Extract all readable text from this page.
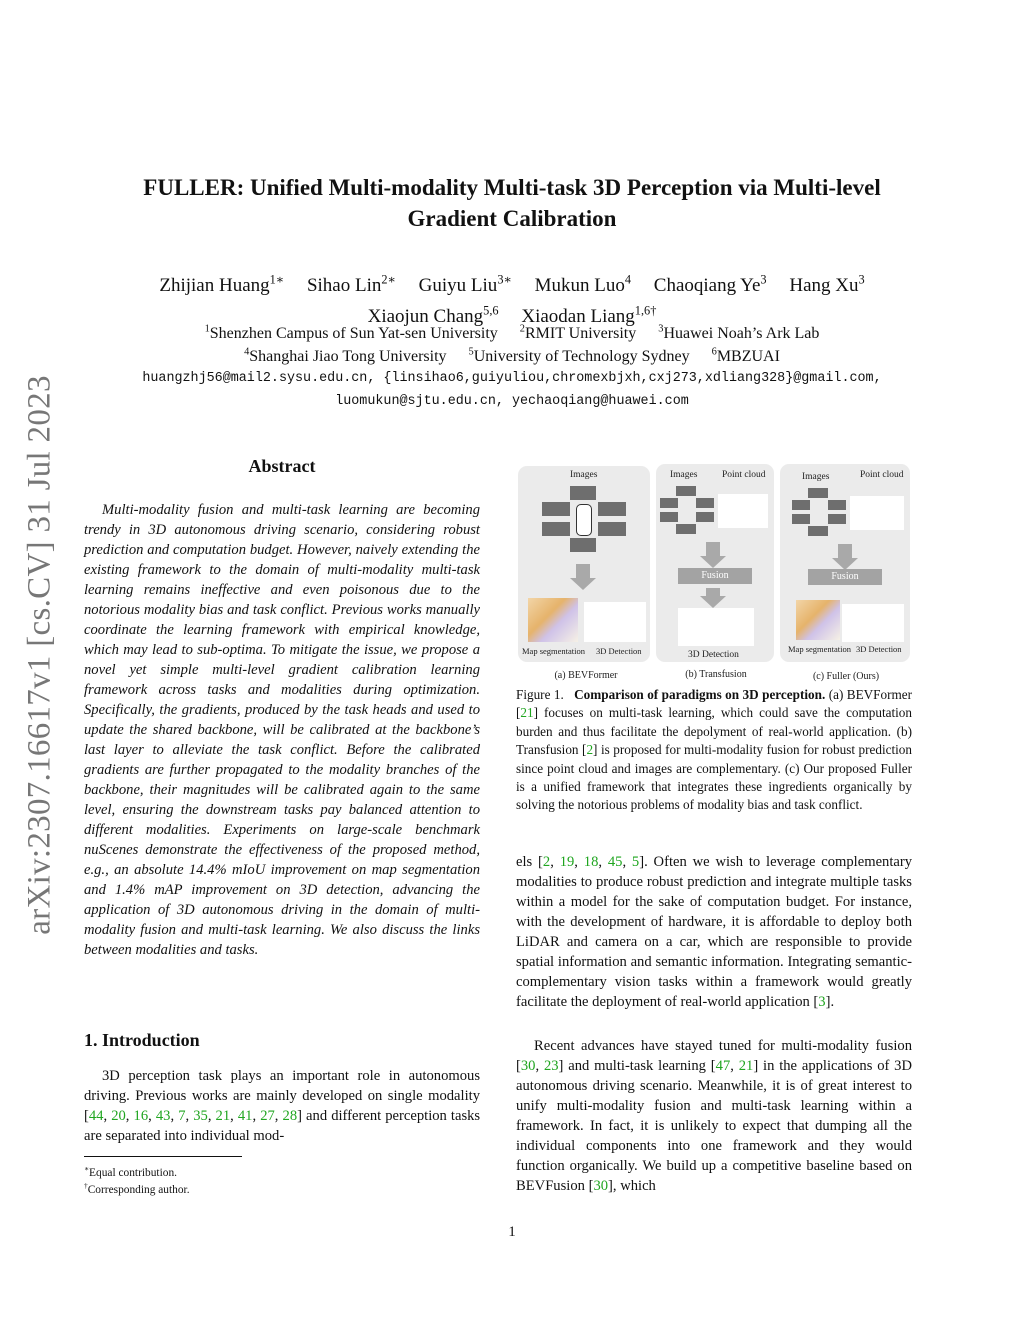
arXiv:2307.16617v1 [cs.CV] 31 Jul 2023
FULLER: Unified Multi-modality Multi-task 3D Perception via Multi-level
Gradient Calibration
Zhijian Huang$^{1∗}$ Sihao Lin$^{2∗}$ Guiyu Liu$^{3∗}$ Mukun Luo$^4$ Chaoqiang Ye$^3$ Hang Xu$^3$
Xiaojun Chang$^{5,6}$ Xiaodan Liang$^{1,6\dagger}$
$^1$Shenzhen Campus of Sun Yat-sen University $^2$RMIT University $^3$Huawei Noah’s Ark Lab
$^4$Shanghai Jiao Tong University $^5$University of Technology Sydney $^6$MBZUAI
huangzhj56@mail2.sysu.edu.cn, {linsihao6,guiyuliou,chromexbjxh,cxj273,xdliang328}@gmail.com,
luomukun@sjtu.edu.cn, yechaoqiang@huawei.com
Abstract

Multi-modality fusion and multi-task learning are becoming trendy in 3D autonomous driving scenario, considering robust prediction and computation budget. However, naively extending the existing framework to the domain of multi-modality multi-task learning remains ineffective and even poisonous due to the notorious modality bias and task conflict. Previous works manually coordinate the learning framework with empirical knowledge, which may lead to sub-optima. To mitigate the issue, we propose a novel yet simple multi-level gradient calibration learning framework across tasks and modalities during optimization. Specifically, the gradients, produced by the task heads and used to update the shared backbone, will be calibrated at the backbone’s last layer to alleviate the task conflict. Before the calibrated gradients are further propagated to the modality branches of the backbone, their magnitudes will be calibrated again to the same level, ensuring the downstream tasks pay balanced attention to different modalities. Experiments on large-scale benchmark nuScenes demonstrate the effectiveness of the proposed method, e.g., an absolute 14.4% mIoU improvement on map segmentation and 1.4% mAP improvement on 3D detection, advancing the application of 3D autonomous driving in the domain of multi-modality fusion and multi-task learning. We also discuss the links between modalities and tasks.

1. Introduction

3D perception task plays an important role in autonomous driving. Previous works are mainly developed on single modality [44, 20, 16, 43, 7, 35, 21, 41, 27, 28] and different perception tasks are separated into individual mod-

∗Equal contribution.
†Corresponding author.
Images
Map segmentation 3D Detection
Images	Point cloud
Fusion
3D Detection
Images	Point cloud
Fusion
Map segmentation 3D Detection
(a) BEVFormer	(b) Transfusion	(c) Fuller (Ours)

Figure 1. Comparison of paradigms on 3D perception. (a) BEVFormer [21] focuses on multi-task learning, which could save the computation burden and thus facilitate the depolyment of real-world application. (b) Transfusion [2] is proposed for multi-modality fusion for robust prediction since point cloud and images are complementary. (c) Our proposed Fuller is a unified framework that integrates these ingredients organically by solving the notorious problems of modality bias and task conflict.

els [2, 19, 18, 45, 5]. Often we wish to leverage complementary modalities to produce robust prediction and integrate multiple tasks within a model for the sake of computation budget. For instance, with the development of hardware, it is affordable to deploy both LiDAR and camera on a car, which are responsible to provide spatial information and semantic information. Integrating semantic-complementary vision tasks within a framework would greatly facilitate the deployment of real-world application [3].

Recent advances have stayed tuned for multi-modality fusion [30, 23] and multi-task learning [47, 21] in the applications of 3D autonomous driving scenario. Meanwhile, it is of great interest to unify multi-modality fusion and multi-task learning within a framework. In fact, it is unlikely to expect that dumping all the individual components into one framework and they would function organically. We build up a competitive baseline based on BEVFusion [30], which

1
